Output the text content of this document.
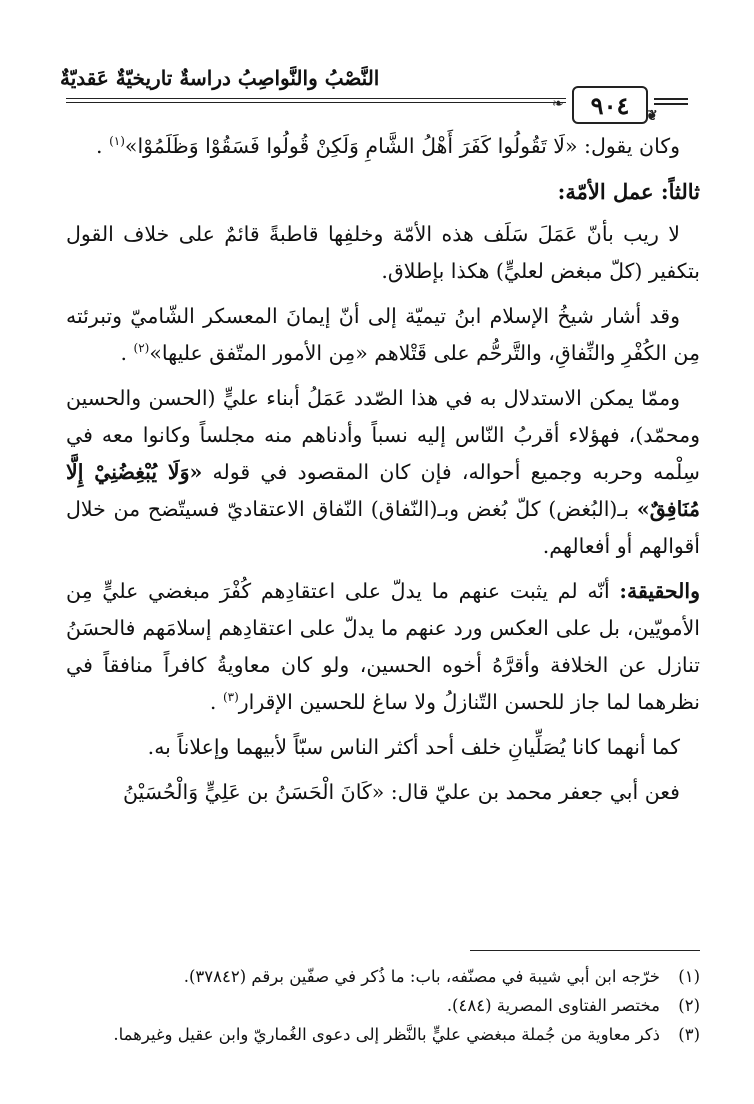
النَّصْبُ والنَّواصِبُ دراسةٌ تاريخيّةٌ عَقديّةٌ
❧ ٩٠٤ ❦

وكان يقول: «لَا تَقُولُوا كَفَرَ أَهْلُ الشَّامِ وَلَكِنْ قُولُوا فَسَقُوْا وَظَلَمُوْا»$^{(١)}$ .

ثالثاً: عمل الأمّة:

لا ريب بأنّ عَمَلَ سَلَف هذه الأمّة وخلفِها قاطبةً قائمٌ على خلاف القول بتكفير (كلّ مبغض لعليٍّ) هكذا بإطلاق.

وقد أشار شيخُ الإسلام ابنُ تيميّة إلى أنّ إيمانَ المعسكر الشّاميّ وتبرئته مِن الكُفْرِ والنِّفاقِ، والتَّرحُّم على قَتْلاهم «مِن الأمور المتّفق عليها»$^{(٢)}$ .

وممّا يمكن الاستدلال به في هذا الصّدد عَمَلُ أبناء عليٍّ (الحسن والحسين ومحمّد)، فهؤلاء أقربُ النّاس إليه نسباً وأدناهم منه مجلساً وكانوا معه في سِلْمه وحربه وجميع أحواله، فإن كان المقصود في قوله «وَلَا يُبْغِضُنِيْ إِلَّا مُنَافِقٌ» بـ(البُغض) كلّ بُغض وبـ(النّفاق) النّفاق الاعتقاديّ فسيتّضح من خلال أقوالهم أو أفعالهم.

والحقيقة: أنّه لم يثبت عنهم ما يدلّ على اعتقادِهم كُفْرَ مبغضي عليٍّ مِن الأمويّين، بل على العكس ورد عنهم ما يدلّ على اعتقادِهم إسلامَهم فالحسَنُ تنازل عن الخلافة وأقرَّهُ أخوه الحسين، ولو كان معاويةُ كافراً منافقاً في نظرهما لما جاز للحسن التّنازلُ ولا ساغ للحسين الإقرار$^{(٣)}$ .

كما أنهما كانا يُصَلِّيانِ خلف أحد أكثر الناس سبّاً لأبيهما وإعلاناً به.

فعن أبي جعفر محمد بن عليّ قال: «كَانَ الْحَسَنُ بن عَلِيٍّ وَالْحُسَيْنُ

(١)
خرّجه ابن أبي شيبة في مصنّفه، باب: ما ذُكر في صفّين برقم (٣٧٨٤٢).
(٢)
مختصر الفتاوى المصرية (٤٨٤).
(٣)
ذكر معاوية من جُملة مبغضي عليٍّ بالنَّظر إلى دعوى الغُماريّ وابن عقيل وغيرهما.
